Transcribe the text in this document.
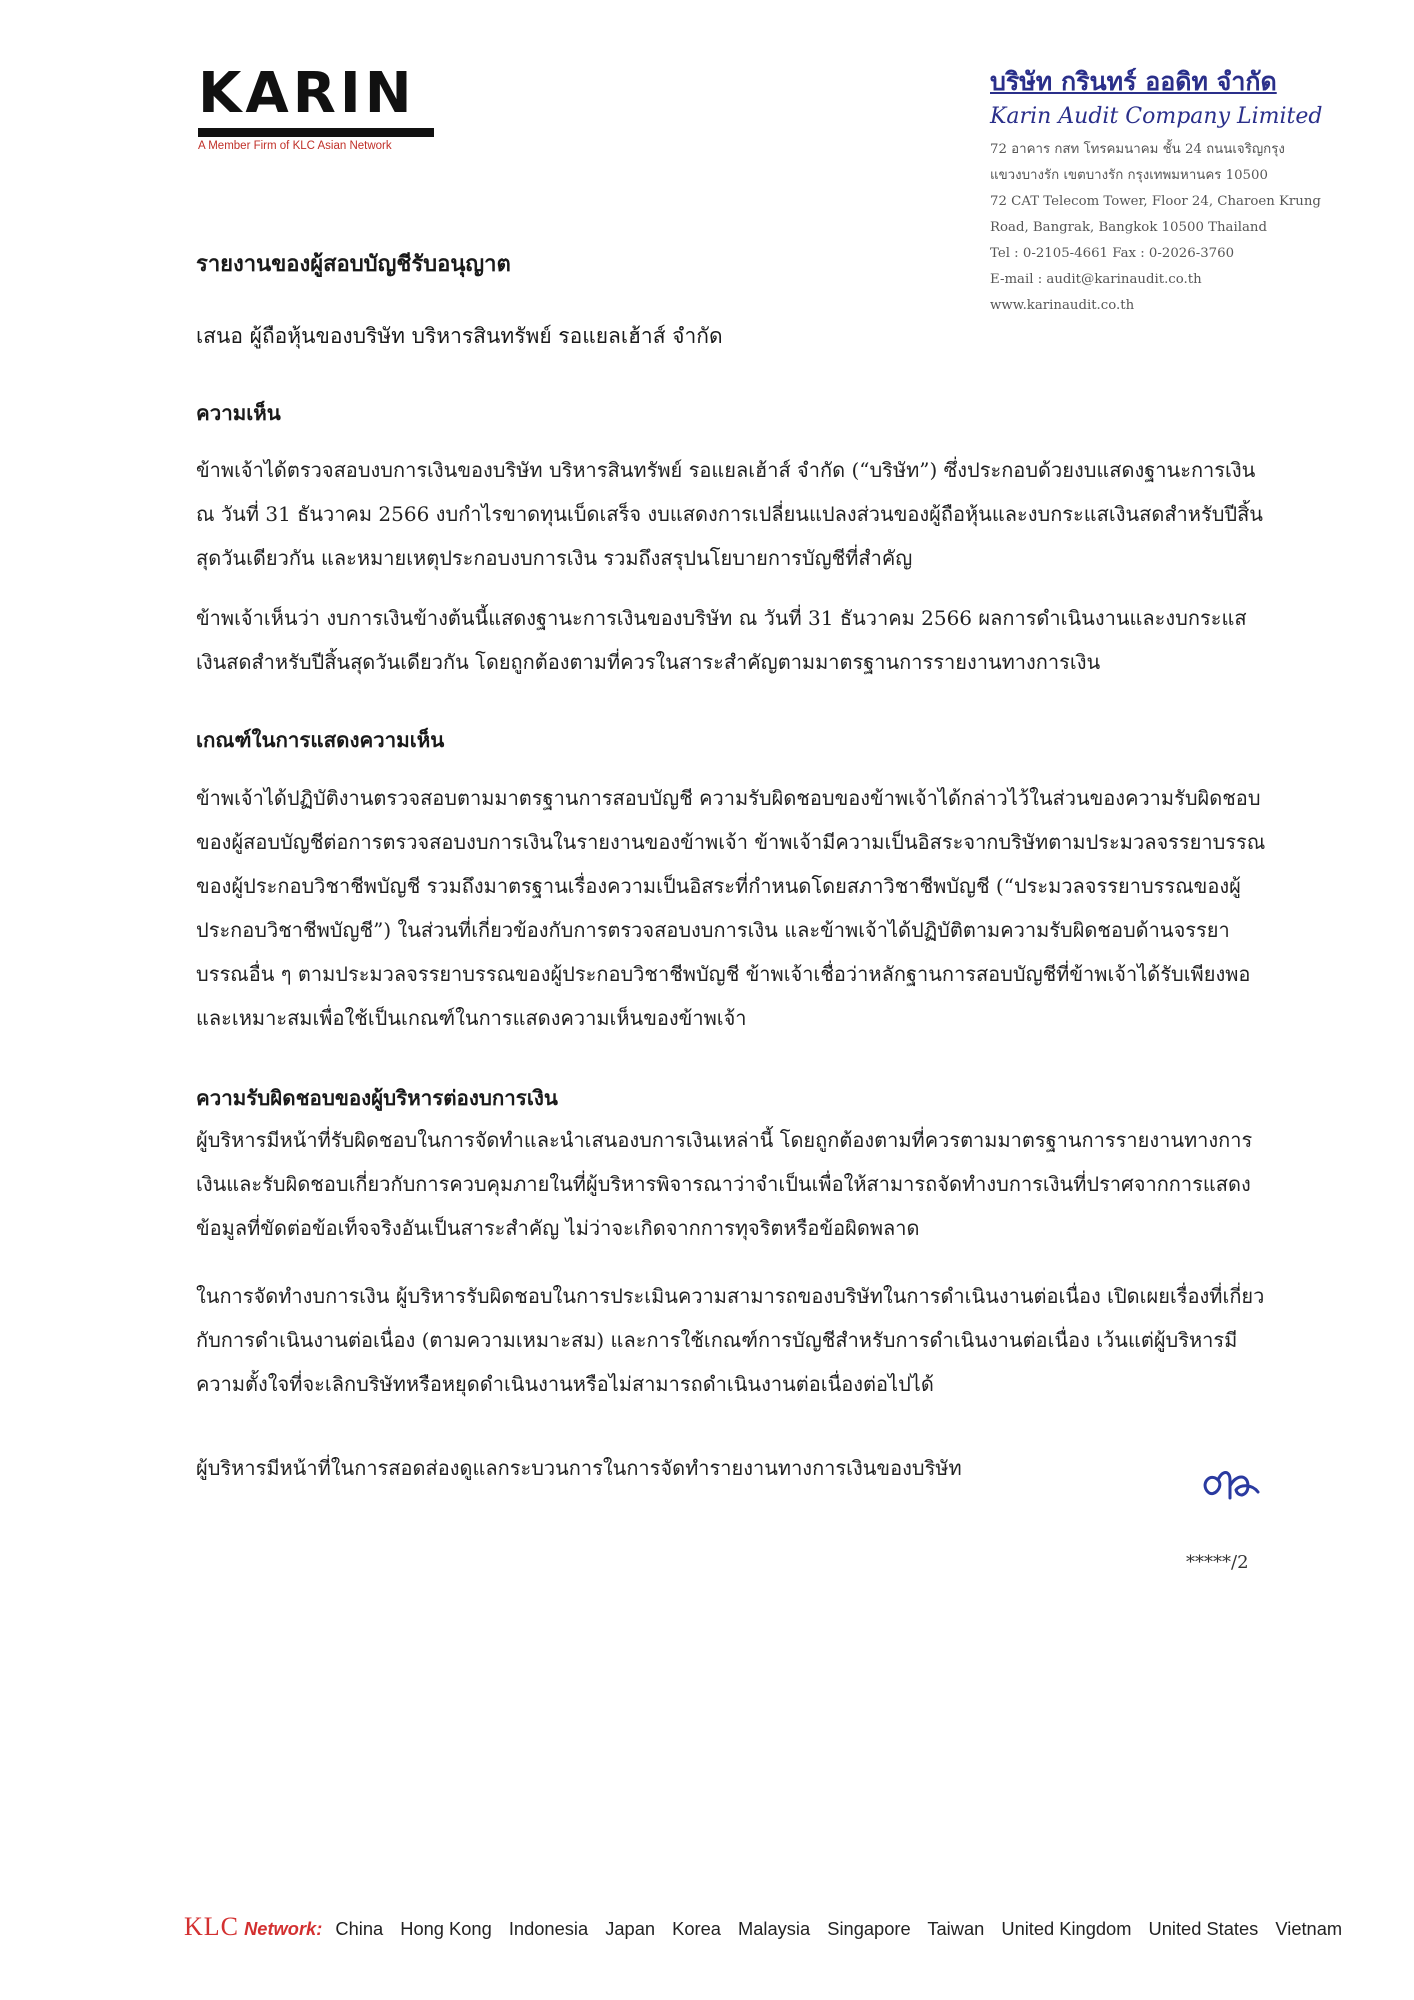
KARIN
A Member Firm of KLC Asian Network
บริษัท กรินทร์ ออดิท จำกัด
Karin Audit Company Limited
72 อาคาร กสท โทรคมนาคม ชั้น 24 ถนนเจริญกรุง
แขวงบางรัก เขตบางรัก กรุงเทพมหานคร 10500
72 CAT Telecom Tower, Floor 24, Charoen Krung
Road, Bangrak, Bangkok 10500 Thailand
Tel : 0-2105-4661 Fax : 0-2026-3760
E-mail : audit@karinaudit.co.th
www.karinaudit.co.th
รายงานของผู้สอบบัญชีรับอนุญาต
เสนอ ผู้ถือหุ้นของบริษัท บริหารสินทรัพย์ รอแยลเฮ้าส์ จำกัด
ความเห็น
ข้าพเจ้าได้ตรวจสอบงบการเงินของบริษัท บริหารสินทรัพย์ รอแยลเฮ้าส์ จำกัด (“บริษัท”) ซึ่งประกอบด้วยงบแสดงฐานะการเงิน ณ วันที่ 31 ธันวาคม 2566 งบกำไรขาดทุนเบ็ดเสร็จ งบแสดงการเปลี่ยนแปลงส่วนของผู้ถือหุ้นและงบกระแสเงินสดสำหรับปีสิ้นสุดวันเดียวกัน และหมายเหตุประกอบงบการเงิน รวมถึงสรุปนโยบายการบัญชีที่สำคัญ
ข้าพเจ้าเห็นว่า งบการเงินข้างต้นนี้แสดงฐานะการเงินของบริษัท ณ วันที่ 31 ธันวาคม 2566 ผลการดำเนินงานและงบกระแสเงินสดสำหรับปีสิ้นสุดวันเดียวกัน โดยถูกต้องตามที่ควรในสาระสำคัญตามมาตรฐานการรายงานทางการเงิน
เกณฑ์ในการแสดงความเห็น
ข้าพเจ้าได้ปฏิบัติงานตรวจสอบตามมาตรฐานการสอบบัญชี ความรับผิดชอบของข้าพเจ้าได้กล่าวไว้ในส่วนของความรับผิดชอบของผู้สอบบัญชีต่อการตรวจสอบงบการเงินในรายงานของข้าพเจ้า ข้าพเจ้ามีความเป็นอิสระจากบริษัทตามประมวลจรรยาบรรณของผู้ประกอบวิชาชีพบัญชี รวมถึงมาตรฐานเรื่องความเป็นอิสระที่กำหนดโดยสภาวิชาชีพบัญชี (“ประมวลจรรยาบรรณของผู้ประกอบวิชาชีพบัญชี”) ในส่วนที่เกี่ยวข้องกับการตรวจสอบงบการเงิน และข้าพเจ้าได้ปฏิบัติตามความรับผิดชอบด้านจรรยาบรรณอื่น ๆ ตามประมวลจรรยาบรรณของผู้ประกอบวิชาชีพบัญชี ข้าพเจ้าเชื่อว่าหลักฐานการสอบบัญชีที่ข้าพเจ้าได้รับเพียงพอและเหมาะสมเพื่อใช้เป็นเกณฑ์ในการแสดงความเห็นของข้าพเจ้า
ความรับผิดชอบของผู้บริหารต่องบการเงิน
ผู้บริหารมีหน้าที่รับผิดชอบในการจัดทำและนำเสนองบการเงินเหล่านี้ โดยถูกต้องตามที่ควรตามมาตรฐานการรายงานทางการเงินและรับผิดชอบเกี่ยวกับการควบคุมภายในที่ผู้บริหารพิจารณาว่าจำเป็นเพื่อให้สามารถจัดทำงบการเงินที่ปราศจากการแสดงข้อมูลที่ขัดต่อข้อเท็จจริงอันเป็นสาระสำคัญ ไม่ว่าจะเกิดจากการทุจริตหรือข้อผิดพลาด
ในการจัดทำงบการเงิน ผู้บริหารรับผิดชอบในการประเมินความสามารถของบริษัทในการดำเนินงานต่อเนื่อง เปิดเผยเรื่องที่เกี่ยวกับการดำเนินงานต่อเนื่อง (ตามความเหมาะสม) และการใช้เกณฑ์การบัญชีสำหรับการดำเนินงานต่อเนื่อง เว้นแต่ผู้บริหารมีความตั้งใจที่จะเลิกบริษัทหรือหยุดดำเนินงานหรือไม่สามารถดำเนินงานต่อเนื่องต่อไปได้
ผู้บริหารมีหน้าที่ในการสอดส่องดูแลกระบวนการในการจัดทำรายงานทางการเงินของบริษัท
*****/2
KLC Network: China Hong Kong Indonesia Japan Korea Malaysia Singapore Taiwan United Kingdom United States Vietnam
